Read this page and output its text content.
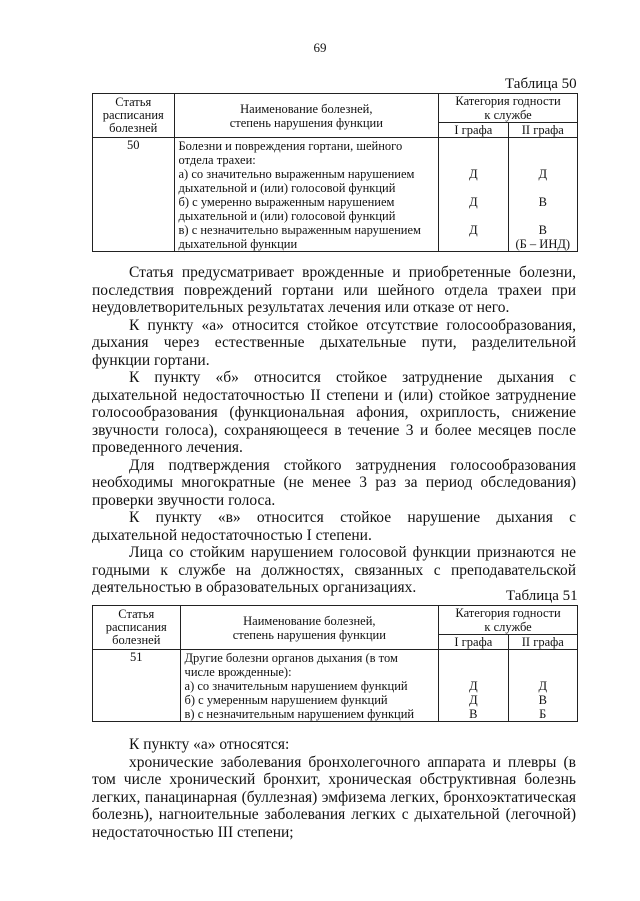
69
Таблица 50
Статья
расписания
болезней	Наименование болезней,
степень нарушения функции	Категория годности
к службе	

		I графа	II графа
50	Болезни и повреждения гортани, шейного
отдела трахеи:		

	а) со значительно выраженным нарушением
дыхательной и (или) голосовой функций	Д	Д

	б) с умеренно выраженным нарушением
дыхательной и (или) голосовой функций	Д	В

	в) с незначительно выраженным нарушением
дыхательной функции	Д	В
(Б – ИНД)

Статья предусматривает врожденные и приобретенные болезни, последствия повреждений гортани или шейного отдела трахеи при неудовлетворительных результатах лечения или отказе от него.

К пункту «а» относится стойкое отсутствие голосообразования, дыхания через естественные дыхательные пути, разделительной функции гортани.

К пункту «б» относится стойкое затруднение дыхания с дыхательной недостаточностью II степени и (или) стойкое затруднение голосообразования (функциональная афония, охриплость, снижение звучности голоса), сохраняющееся в течение 3 и более месяцев после проведенного лечения.

Для подтверждения стойкого затруднения голосообразования необходимы многократные (не менее 3 раз за период обследования) проверки звучности голоса.

К пункту «в» относится стойкое нарушение дыхания с дыхательной недостаточностью I степени.

Лица со стойким нарушением голосовой функции признаются не годными к службе на должностях, связанных с преподавательской деятельностью в образовательных организациях.	Таблица 51
Статья
расписания
болезней	Наименование болезней,
степень нарушения функции	Категория годности
к службе	

		I графа	II графа
51	Другие болезни органов дыхания (в том
числе врожденные):		

	а) со значительным нарушением функций	Д	Д
	б) с умеренным нарушением функций	Д	В
	в) с незначительным нарушением функций	В	Б

К пункту «а» относятся:

хронические заболевания бронхолегочного аппарата и плевры (в том числе хронический бронхит, хроническая обструктивная болезнь легких, панацинарная (буллезная) эмфизема легких, бронхоэктатическая болезнь), нагноительные заболевания легких с дыхательной (легочной) недостаточностью III степени;
